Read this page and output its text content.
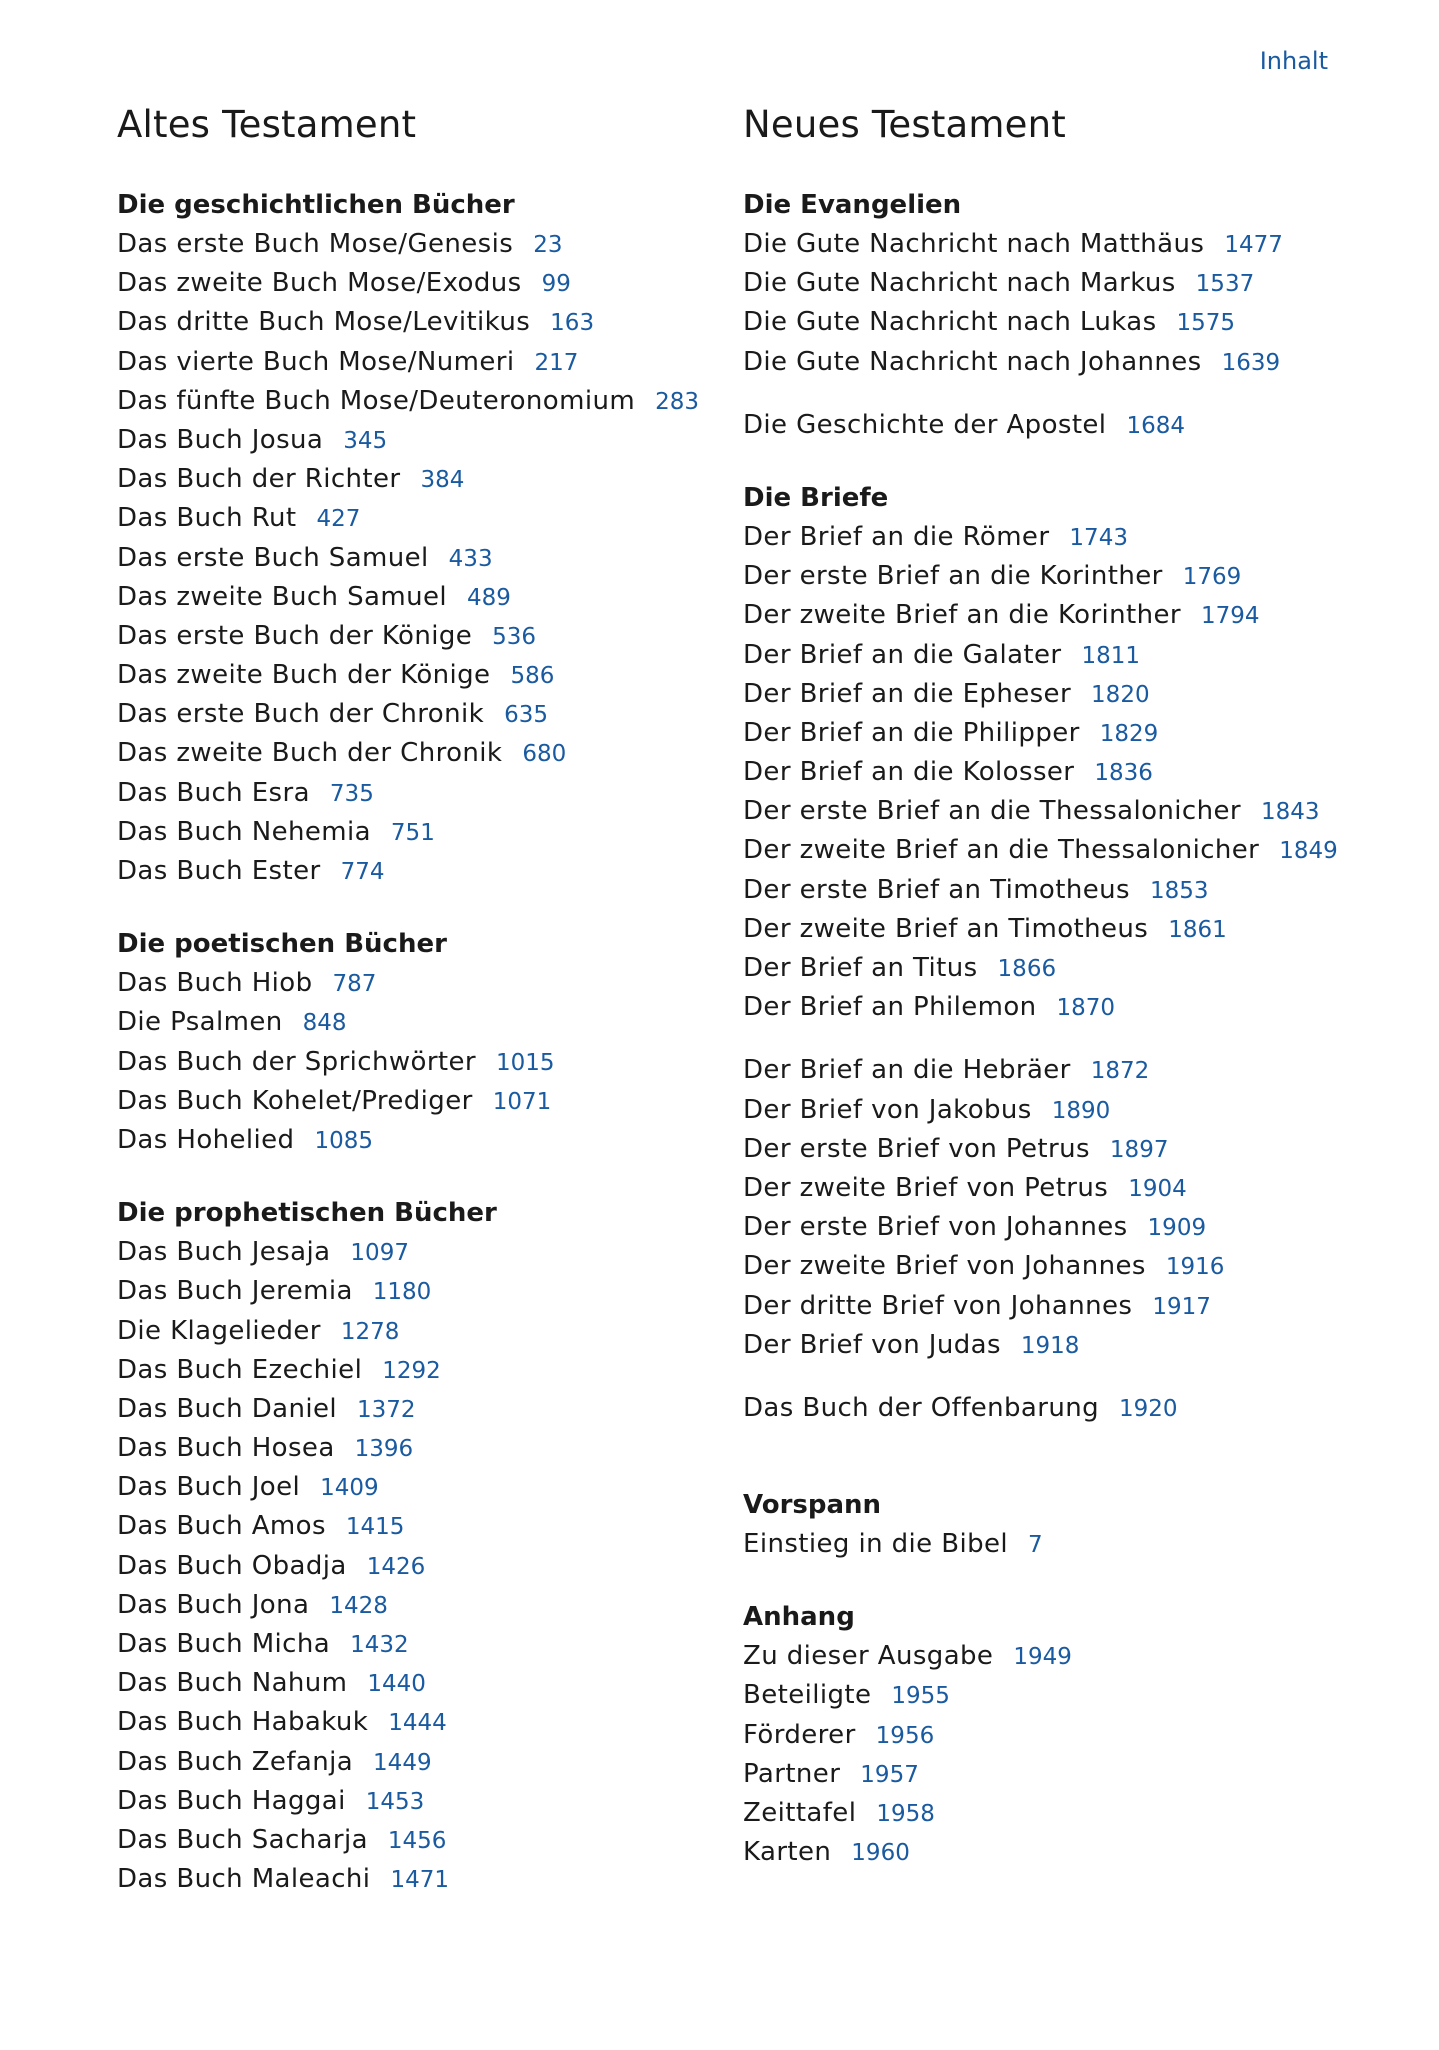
Inhalt
Altes Testament
Die geschichtlichen Bücher
Das erste Buch Mose/Genesis 23
Das zweite Buch Mose/Exodus 99
Das dritte Buch Mose/Levitikus 163
Das vierte Buch Mose/Numeri 217
Das fünfte Buch Mose/Deuteronomium 283
Das Buch Josua 345
Das Buch der Richter 384
Das Buch Rut 427
Das erste Buch Samuel 433
Das zweite Buch Samuel 489
Das erste Buch der Könige 536
Das zweite Buch der Könige 586
Das erste Buch der Chronik 635
Das zweite Buch der Chronik 680
Das Buch Esra 735
Das Buch Nehemia 751
Das Buch Ester 774
Die poetischen Bücher
Das Buch Hiob 787
Die Psalmen 848
Das Buch der Sprichwörter 1015
Das Buch Kohelet/Prediger 1071
Das Hohelied 1085
Die prophetischen Bücher
Das Buch Jesaja 1097
Das Buch Jeremia 1180
Die Klagelieder 1278
Das Buch Ezechiel 1292
Das Buch Daniel 1372
Das Buch Hosea 1396
Das Buch Joel 1409
Das Buch Amos 1415
Das Buch Obadja 1426
Das Buch Jona 1428
Das Buch Micha 1432
Das Buch Nahum 1440
Das Buch Habakuk 1444
Das Buch Zefanja 1449
Das Buch Haggai 1453
Das Buch Sacharja 1456
Das Buch Maleachi 1471
Neues Testament
Die Evangelien
Die Gute Nachricht nach Matthäus 1477
Die Gute Nachricht nach Markus 1537
Die Gute Nachricht nach Lukas 1575
Die Gute Nachricht nach Johannes 1639
Die Geschichte der Apostel 1684
Die Briefe
Der Brief an die Römer 1743
Der erste Brief an die Korinther 1769
Der zweite Brief an die Korinther 1794
Der Brief an die Galater 1811
Der Brief an die Epheser 1820
Der Brief an die Philipper 1829
Der Brief an die Kolosser 1836
Der erste Brief an die Thessalonicher 1843
Der zweite Brief an die Thessalonicher 1849
Der erste Brief an Timotheus 1853
Der zweite Brief an Timotheus 1861
Der Brief an Titus 1866
Der Brief an Philemon 1870
Der Brief an die Hebräer 1872
Der Brief von Jakobus 1890
Der erste Brief von Petrus 1897
Der zweite Brief von Petrus 1904
Der erste Brief von Johannes 1909
Der zweite Brief von Johannes 1916
Der dritte Brief von Johannes 1917
Der Brief von Judas 1918
Das Buch der Offenbarung 1920
Vorspann
Einstieg in die Bibel 7
Anhang
Zu dieser Ausgabe 1949
Beteiligte 1955
Förderer 1956
Partner 1957
Zeittafel 1958
Karten 1960
